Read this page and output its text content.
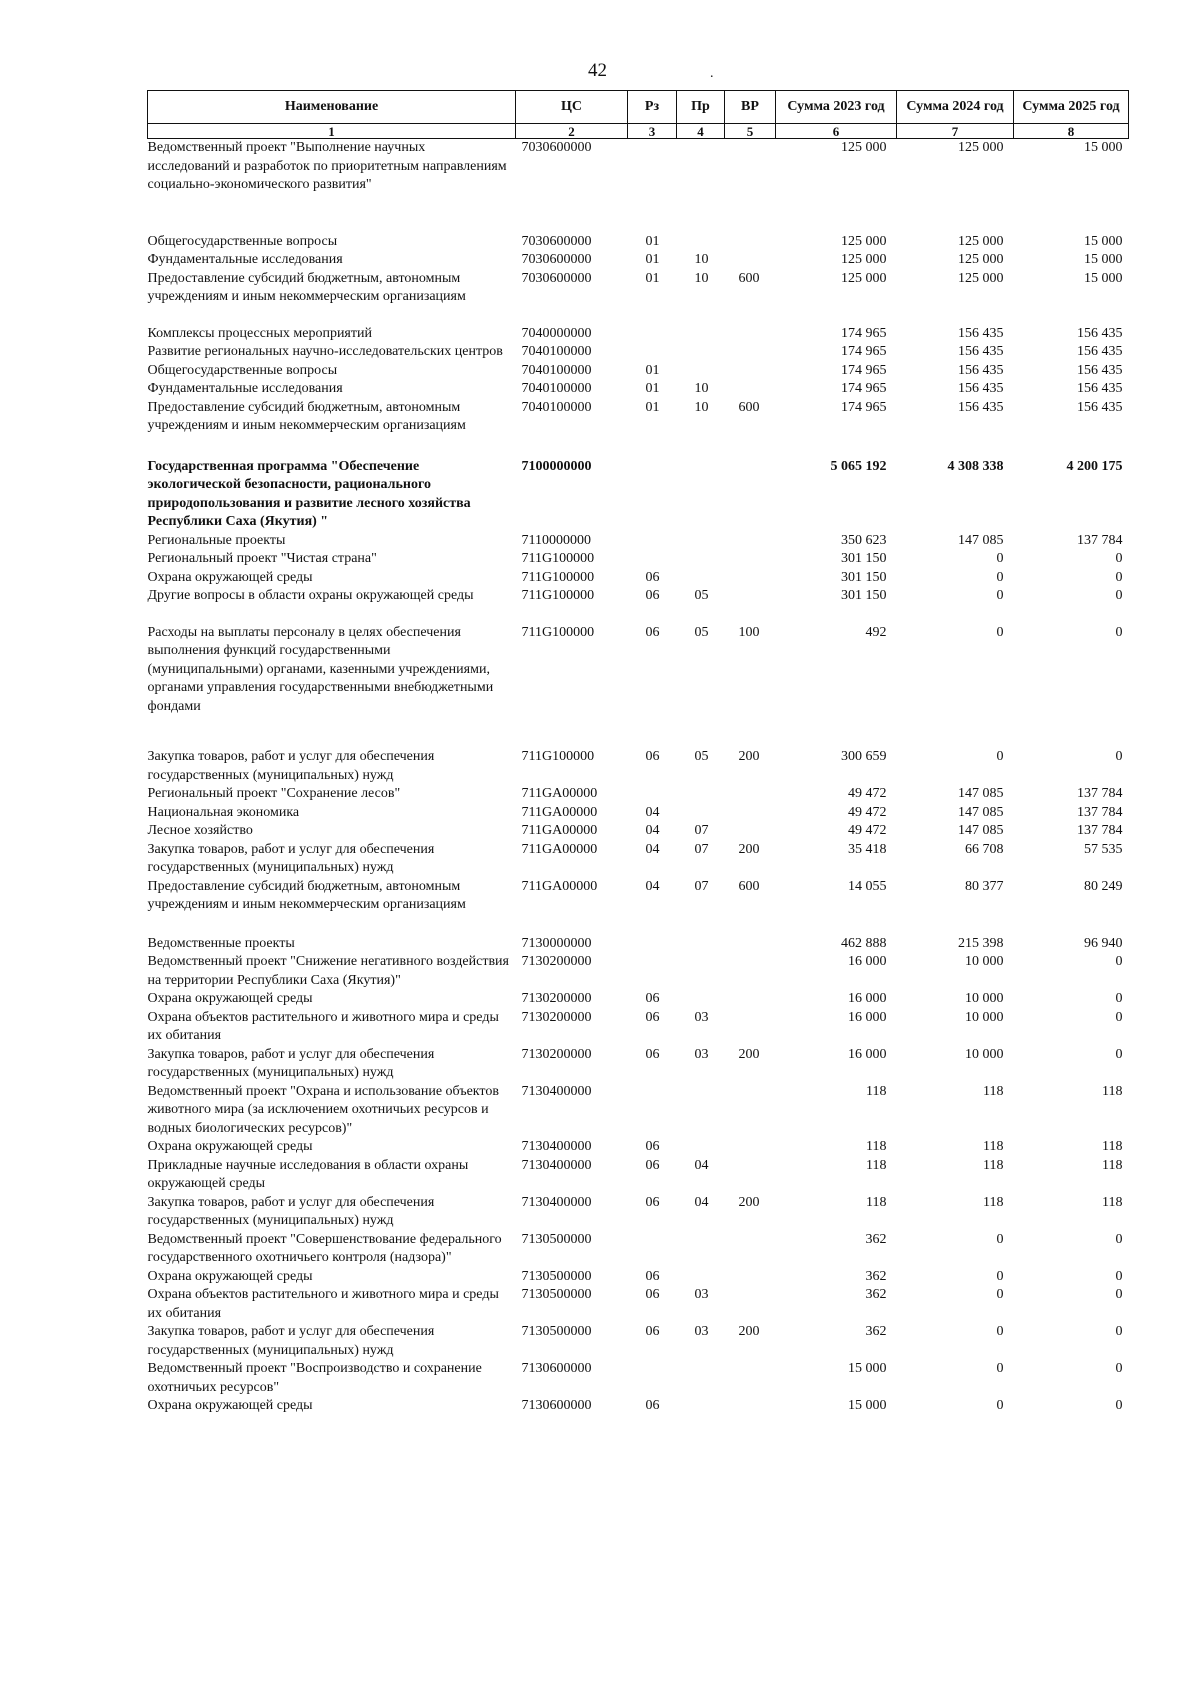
42	.
Наименование	ЦС	Рз	Пр	ВР	Сумма 2023 год	Сумма 2024 год	Сумма 2025 год
1	2	3	4	5	6	7	8
Ведомственный проект "Выполнение научных исследований и разработок по приоритетным направлениям социально-экономического развития"	7030600000				125 000	125 000	15 000
Общегосударственные вопросы	7030600000	01			125 000	125 000	15 000
Фундаментальные исследования	7030600000	01	10		125 000	125 000	15 000
Предоставление субсидий бюджетным, автономным учреждениям и иным некоммерческим организациям	7030600000	01	10	600	125 000	125 000	15 000
Комплексы процессных мероприятий	7040000000				174 965	156 435	156 435
Развитие региональных научно-исследовательских центров	7040100000				174 965	156 435	156 435
Общегосударственные вопросы	7040100000	01			174 965	156 435	156 435
Фундаментальные исследования	7040100000	01	10		174 965	156 435	156 435
Предоставление субсидий бюджетным, автономным учреждениям и иным некоммерческим организациям	7040100000	01	10	600	174 965	156 435	156 435
Государственная программа "Обеспечение экологической безопасности, рационального природопользования и развитие лесного хозяйства Республики Саха (Якутия) "	7100000000				5 065 192	4 308 338	4 200 175
Региональные проекты	7110000000				350 623	147 085	137 784
Региональный проект "Чистая страна"	711G100000				301 150	0	0
Охрана окружающей среды	711G100000	06			301 150	0	0
Другие вопросы в области охраны окружающей среды	711G100000	06	05		301 150	0	0
Расходы на выплаты персоналу в целях обеспечения выполнения функций государственными (муниципальными) органами, казенными учреждениями, органами управления государственными внебюджетными фондами	711G100000	06	05	100	492	0	0
Закупка товаров, работ и услуг для обеспечения государственных (муниципальных) нужд	711G100000	06	05	200	300 659	0	0
Региональный проект "Сохранение лесов"	711GA00000				49 472	147 085	137 784
Национальная экономика	711GA00000	04			49 472	147 085	137 784
Лесное хозяйство	711GA00000	04	07		49 472	147 085	137 784
Закупка товаров, работ и услуг для обеспечения государственных (муниципальных) нужд	711GA00000	04	07	200	35 418	66 708	57 535
Предоставление субсидий бюджетным, автономным учреждениям и иным некоммерческим организациям	711GA00000	04	07	600	14 055	80 377	80 249
Ведомственные проекты	7130000000				462 888	215 398	96 940
Ведомственный проект "Снижение негативного воздействия на территории Республики Саха (Якутия)"	7130200000				16 000	10 000	0
Охрана окружающей среды	7130200000	06			16 000	10 000	0
Охрана объектов растительного и животного мира и среды их обитания	7130200000	06	03		16 000	10 000	0
Закупка товаров, работ и услуг для обеспечения государственных (муниципальных) нужд	7130200000	06	03	200	16 000	10 000	0
Ведомственный проект "Охрана и использование объектов животного мира (за исключением охотничьих ресурсов и водных биологических ресурсов)"	7130400000				118	118	118
Охрана окружающей среды	7130400000	06			118	118	118
Прикладные научные исследования в области охраны окружающей среды	7130400000	06	04		118	118	118
Закупка товаров, работ и услуг для обеспечения государственных (муниципальных) нужд	7130400000	06	04	200	118	118	118
Ведомственный проект "Совершенствование федерального государственного охотничьего контроля (надзора)"	7130500000				362	0	0
Охрана окружающей среды	7130500000	06			362	0	0
Охрана объектов растительного и животного мира и среды их обитания	7130500000	06	03		362	0	0
Закупка товаров, работ и услуг для обеспечения государственных (муниципальных) нужд	7130500000	06	03	200	362	0	0
Ведомственный проект "Воспроизводство и сохранение охотничьих ресурсов"	7130600000				15 000	0	0
Охрана окружающей среды	7130600000	06			15 000	0	0
